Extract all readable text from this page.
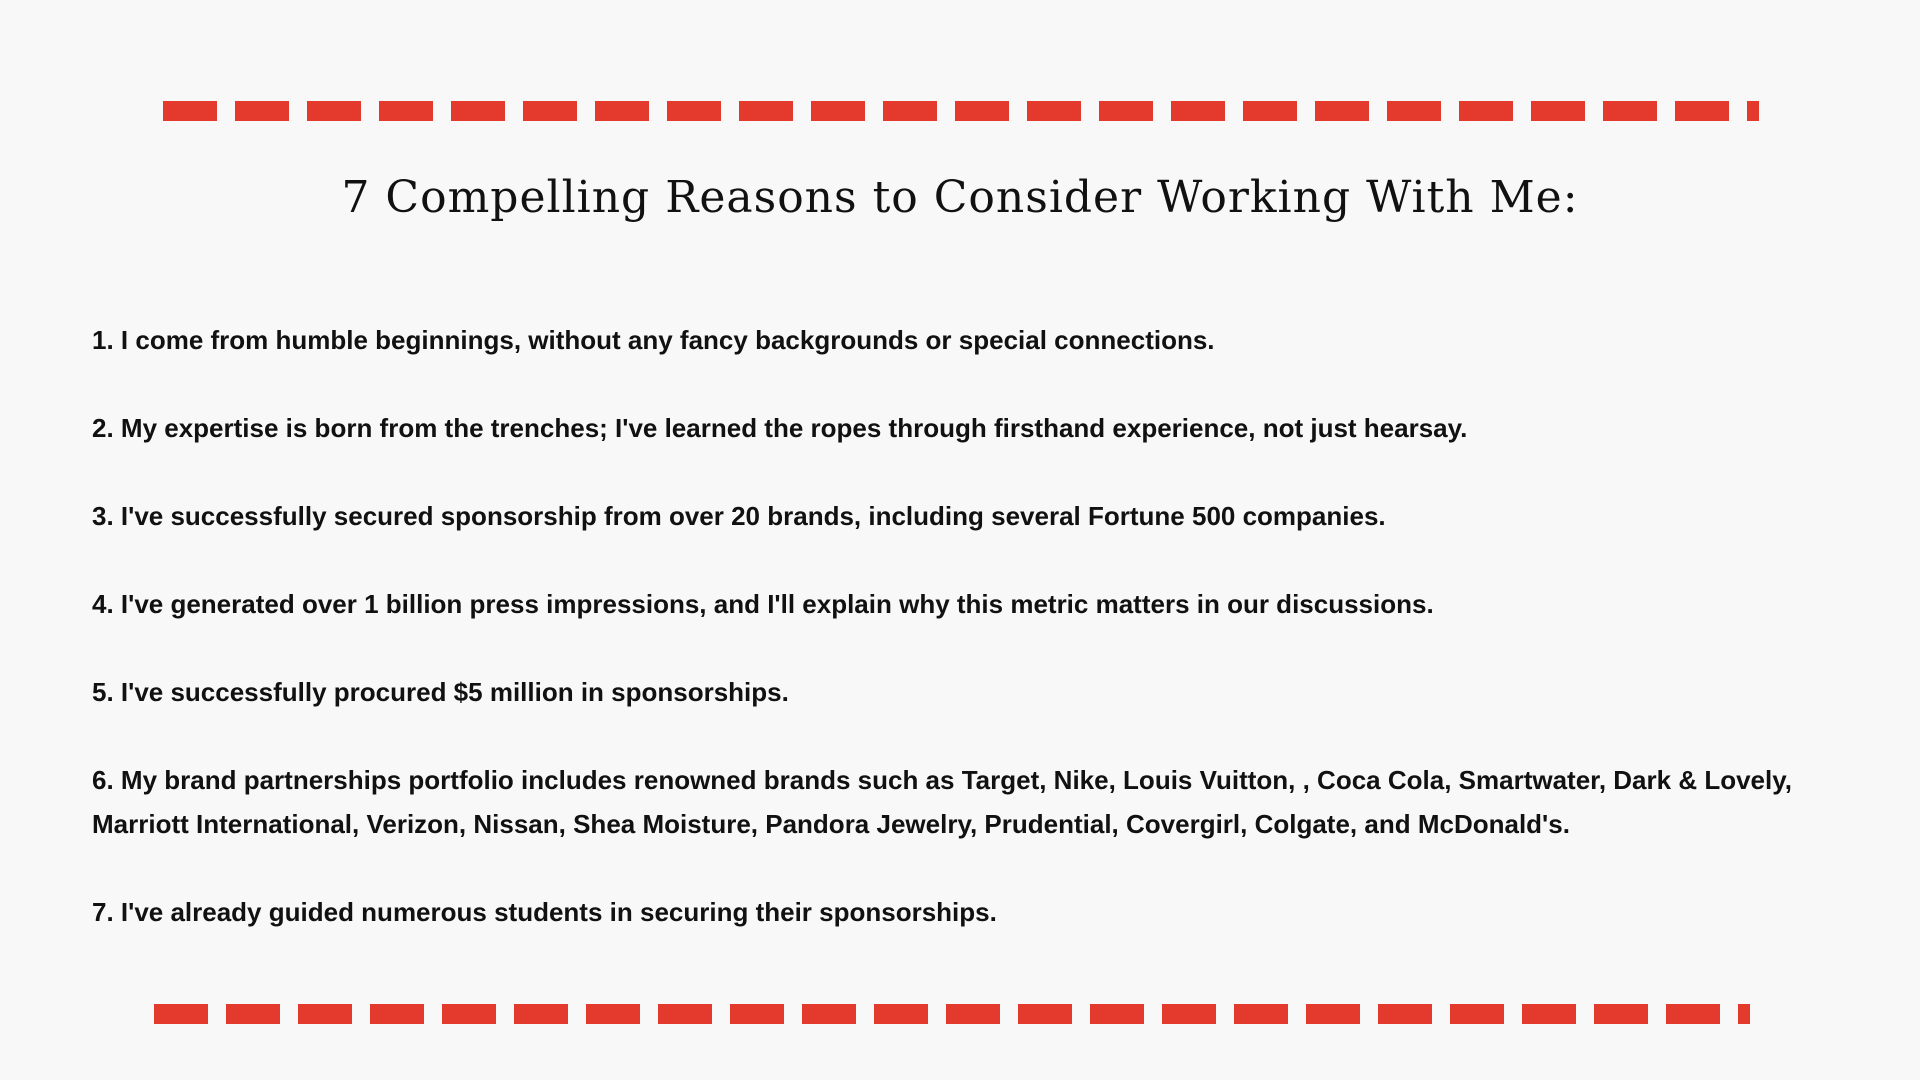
7 Compelling Reasons to Consider Working With Me:
1. I come from humble beginnings, without any fancy backgrounds or special connections.
2. My expertise is born from the trenches; I've learned the ropes through firsthand experience, not just hearsay.
3. I've successfully secured sponsorship from over 20 brands, including several Fortune 500 companies.
4. I've generated over 1 billion press impressions, and I'll explain why this metric matters in our discussions.
5. I've successfully procured $5 million in sponsorships.
6. My brand partnerships portfolio includes renowned brands such as Target, Nike, Louis Vuitton, , Coca Cola, Smartwater, Dark & Lovely, Marriott International, Verizon, Nissan, Shea Moisture, Pandora Jewelry, Prudential, Covergirl, Colgate, and McDonald's.
7. I've already guided numerous students in securing their sponsorships.
